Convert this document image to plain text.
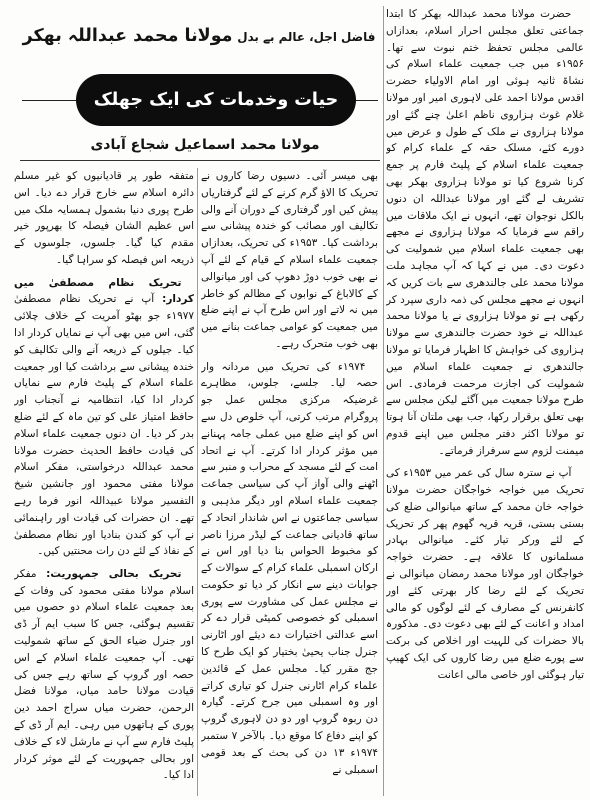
فاضل اجل، عالم بے بدل
مولانا محمد عبداللہ بھکر
حیات وخدمات کی ایک جھلک
مولانا محمد اسماعیل شجاع آبادی

حضرت مولانا محمد عبداللہ بھکر کا ابتدا جماعتی تعلق مجلس احرار اسلام، بعدازاں عالمی مجلس تحفظ ختم نبوت سے تھا۔ ۱۹۵۶ء میں جب جمعیت علماء اسلام کی نشاۃ ثانیہ ہوئی اور امام الاولیاء حضرت اقدس مولانا احمد علی لاہوری امیر اور مولانا غلام غوث ہزاروی ناظم اعلیٰ چنے گئے اور مولانا ہزاروی نے ملک کے طول و عرض میں دورے کئے، مسلک حقہ کے علماء کرام کو جمعیت علماء اسلام کے پلیٹ فارم پر جمع کرنا شروع کیا تو مولانا ہزاروی بھکر بھی تشریف لے گئے اور مولانا عبداللہ ان دنوں بالکل نوجوان تھے، انہوں نے ایک ملاقات میں راقم سے فرمایا کہ مولانا ہزاروی نے مجھے بھی جمعیت علماء اسلام میں شمولیت کی دعوت دی۔ میں نے کہا کہ آپ مجاہد ملت مولانا محمد علی جالندھری سے بات کریں کہ انہوں نے مجھے مجلس کی ذمہ داری سپرد کر رکھی ہے تو مولانا ہزاروی نے یا مولانا محمد عبداللہ نے خود حضرت جالندھری سے مولانا ہزاروی کی خواہش کا اظہار فرمایا تو مولانا جالندھری نے جمعیت علماء اسلام میں شمولیت کی اجازت مرحمت فرمادی۔ اس طرح مولانا جمعیت میں آگئے لیکن مجلس سے بھی تعلق برقرار رکھا، جب بھی ملتان آنا ہوتا تو مولانا اکثر دفتر مجلس میں اپنے قدوم میمنت لزوم سے سرفراز فرماتے۔

آپ نے سترہ سال کی عمر میں ۱۹۵۳ء کی تحریک میں خواجہ خواجگان حضرت مولانا خواجہ خان محمد کے ساتھ میانوالی ضلع کی بستی بستی، قریہ قریہ گھوم پھر کر تحریک کے لئے ورکر تیار کئے۔ میانوالی بہادر مسلمانوں کا علاقہ ہے۔ حضرت خواجہ خواجگان اور مولانا محمد رمضان میانوالی نے تحریک کے لئے رضا کار بھرتی کئے اور کانفرنس کے مصارف کے لئے لوگوں کو مالی امداد و اعانت کے لئے بھی دعوت دی۔ مذکورہ بالا حضرات کی للہیت اور اخلاص کی برکت سے پورے ضلع میں رضا کاروں کی ایک کھیپ تیار ہوگئی اور خاصی مالی اعانت

بھی میسر آئی۔ دسیوں رضا کاروں نے تحریک کا الاؤ گرم کرنے کے لئے گرفتاریاں پیش کیں اور گرفتاری کے دوران آنے والی تکالیف اور مصائب کو خندہ پیشانی سے برداشت کیا۔ ۱۹۵۳ء کی تحریک، بعدازاں جمعیت علماء اسلام کے قیام کے لئے آپ نے بھی خوب دوڑ دھوپ کی اور میانوالی کے کالاباغ کے نوابوں کے مظالم کو خاطر میں نہ لاتے اور اس طرح آپ نے اپنے ضلع میں جمعیت کو عوامی جماعت بنانے میں بھی خوب متحرک رہے۔

۱۹۷۴ء کی تحریک میں مردانہ وار حصہ لیا۔ جلسے، جلوس، مظاہرے غرضیکہ مرکزی مجلس عمل جو پروگرام مرتب کرتی، آپ خلوص دل سے اس کو اپنے ضلع میں عملی جامہ پہنانے میں مؤثر کردار ادا کرتے۔ آپ نے اتحاد امت کے لئے مسجد کے محراب و منبر سے اٹھنے والی آواز آپ کی سیاسی جماعت جمعیت علماء اسلام اور دیگر مذہبی و سیاسی جماعتوں نے اس شاندار اتحاد کے ساتھ قادیانی جماعت کے لیڈر مرزا ناصر کو مخبوط الحواس بنا دیا اور اس نے ارکان اسمبلی علماء کرام کے سوالات کے جوابات دینے سے انکار کر دیا تو حکومت نے مجلس عمل کی مشاورت سے پوری اسمبلی کو خصوصی کمیٹی قرار دے کر اسے عدالتی اختیارات دے دیئے اور اٹارنی جنرل جناب یحییٰ بختیار کو ایک طرح کا جج مقرر کیا۔ مجلس عمل کے قائدین علماء کرام اٹارنی جنرل کو تیاری کراتے اور وہ اسمبلی میں جرح کرتے۔ گیارہ دن ربوہ گروپ اور دو دن لاہوری گروپ کو اپنے دفاع کا موقع دیا۔ بالآخر ۷ ستمبر ۱۹۷۴ء ۱۳ دن کی بحث کے بعد قومی اسمبلی نے

متفقہ طور پر قادیانیوں کو غیر مسلم دائرہ اسلام سے خارج قرار دے دیا۔ اس طرح پوری دنیا بشمول ہمسایہ ملک میں اس عظیم الشان فیصلہ کا بھرپور خیر مقدم کیا گیا۔ جلسوں، جلوسوں کے ذریعہ اس فیصلہ کو سراہا گیا۔

تحریک نظام مصطفیٰ میں کردار: آپ نے تحریک نظام مصطفیٰ ۱۹۷۷ء جو بھٹو آمریت کے خلاف چلائی گئی، اس میں بھی آپ نے نمایاں کردار ادا کیا۔ جیلوں کے ذریعہ آنے والی تکالیف کو خندہ پیشانی سے برداشت کیا اور جمعیت علماء اسلام کے پلیٹ فارم سے نمایاں کردار ادا کیا، انتظامیہ نے آنجناب اور حافظ امتیاز علی کو تین ماہ کے لئے ضلع بدر کر دیا۔ ان دنوں جمعیت علماء اسلام کی قیادت حافظ الحدیث حضرت مولانا محمد عبداللہ درخواستی، مفکر اسلام مولانا مفتی محمود اور جانشین شیخ التفسیر مولانا عبیداللہ انور فرما رہے تھے۔ ان حضرات کی قیادت اور راہنمائی نے آپ کو کندن بنادیا اور نظام مصطفیٰ کے نفاذ کے لئے دن رات محنتیں کیں۔

تحریک بحالی جمہوریت: مفکر اسلام مولانا مفتی محمود کی وفات کے بعد جمعیت علماء اسلام دو حصوں میں تقسیم ہوگئی، جس کا سبب ایم آر ڈی اور جنرل ضیاء الحق کے ساتھ شمولیت تھی۔ آپ جمعیت علماء اسلام کے اس حصہ اور گروپ کے ساتھ رہے جس کی قیادت مولانا حامد میاں، مولانا فضل الرحمن، حضرت میاں سراج احمد دین پوری کے ہاتھوں میں رہی۔ ایم آر ڈی کے پلیٹ فارم سے آپ نے مارشل لاء کے خلاف اور بحالی جمہوریت کے لئے موثر کردار ادا کیا۔
